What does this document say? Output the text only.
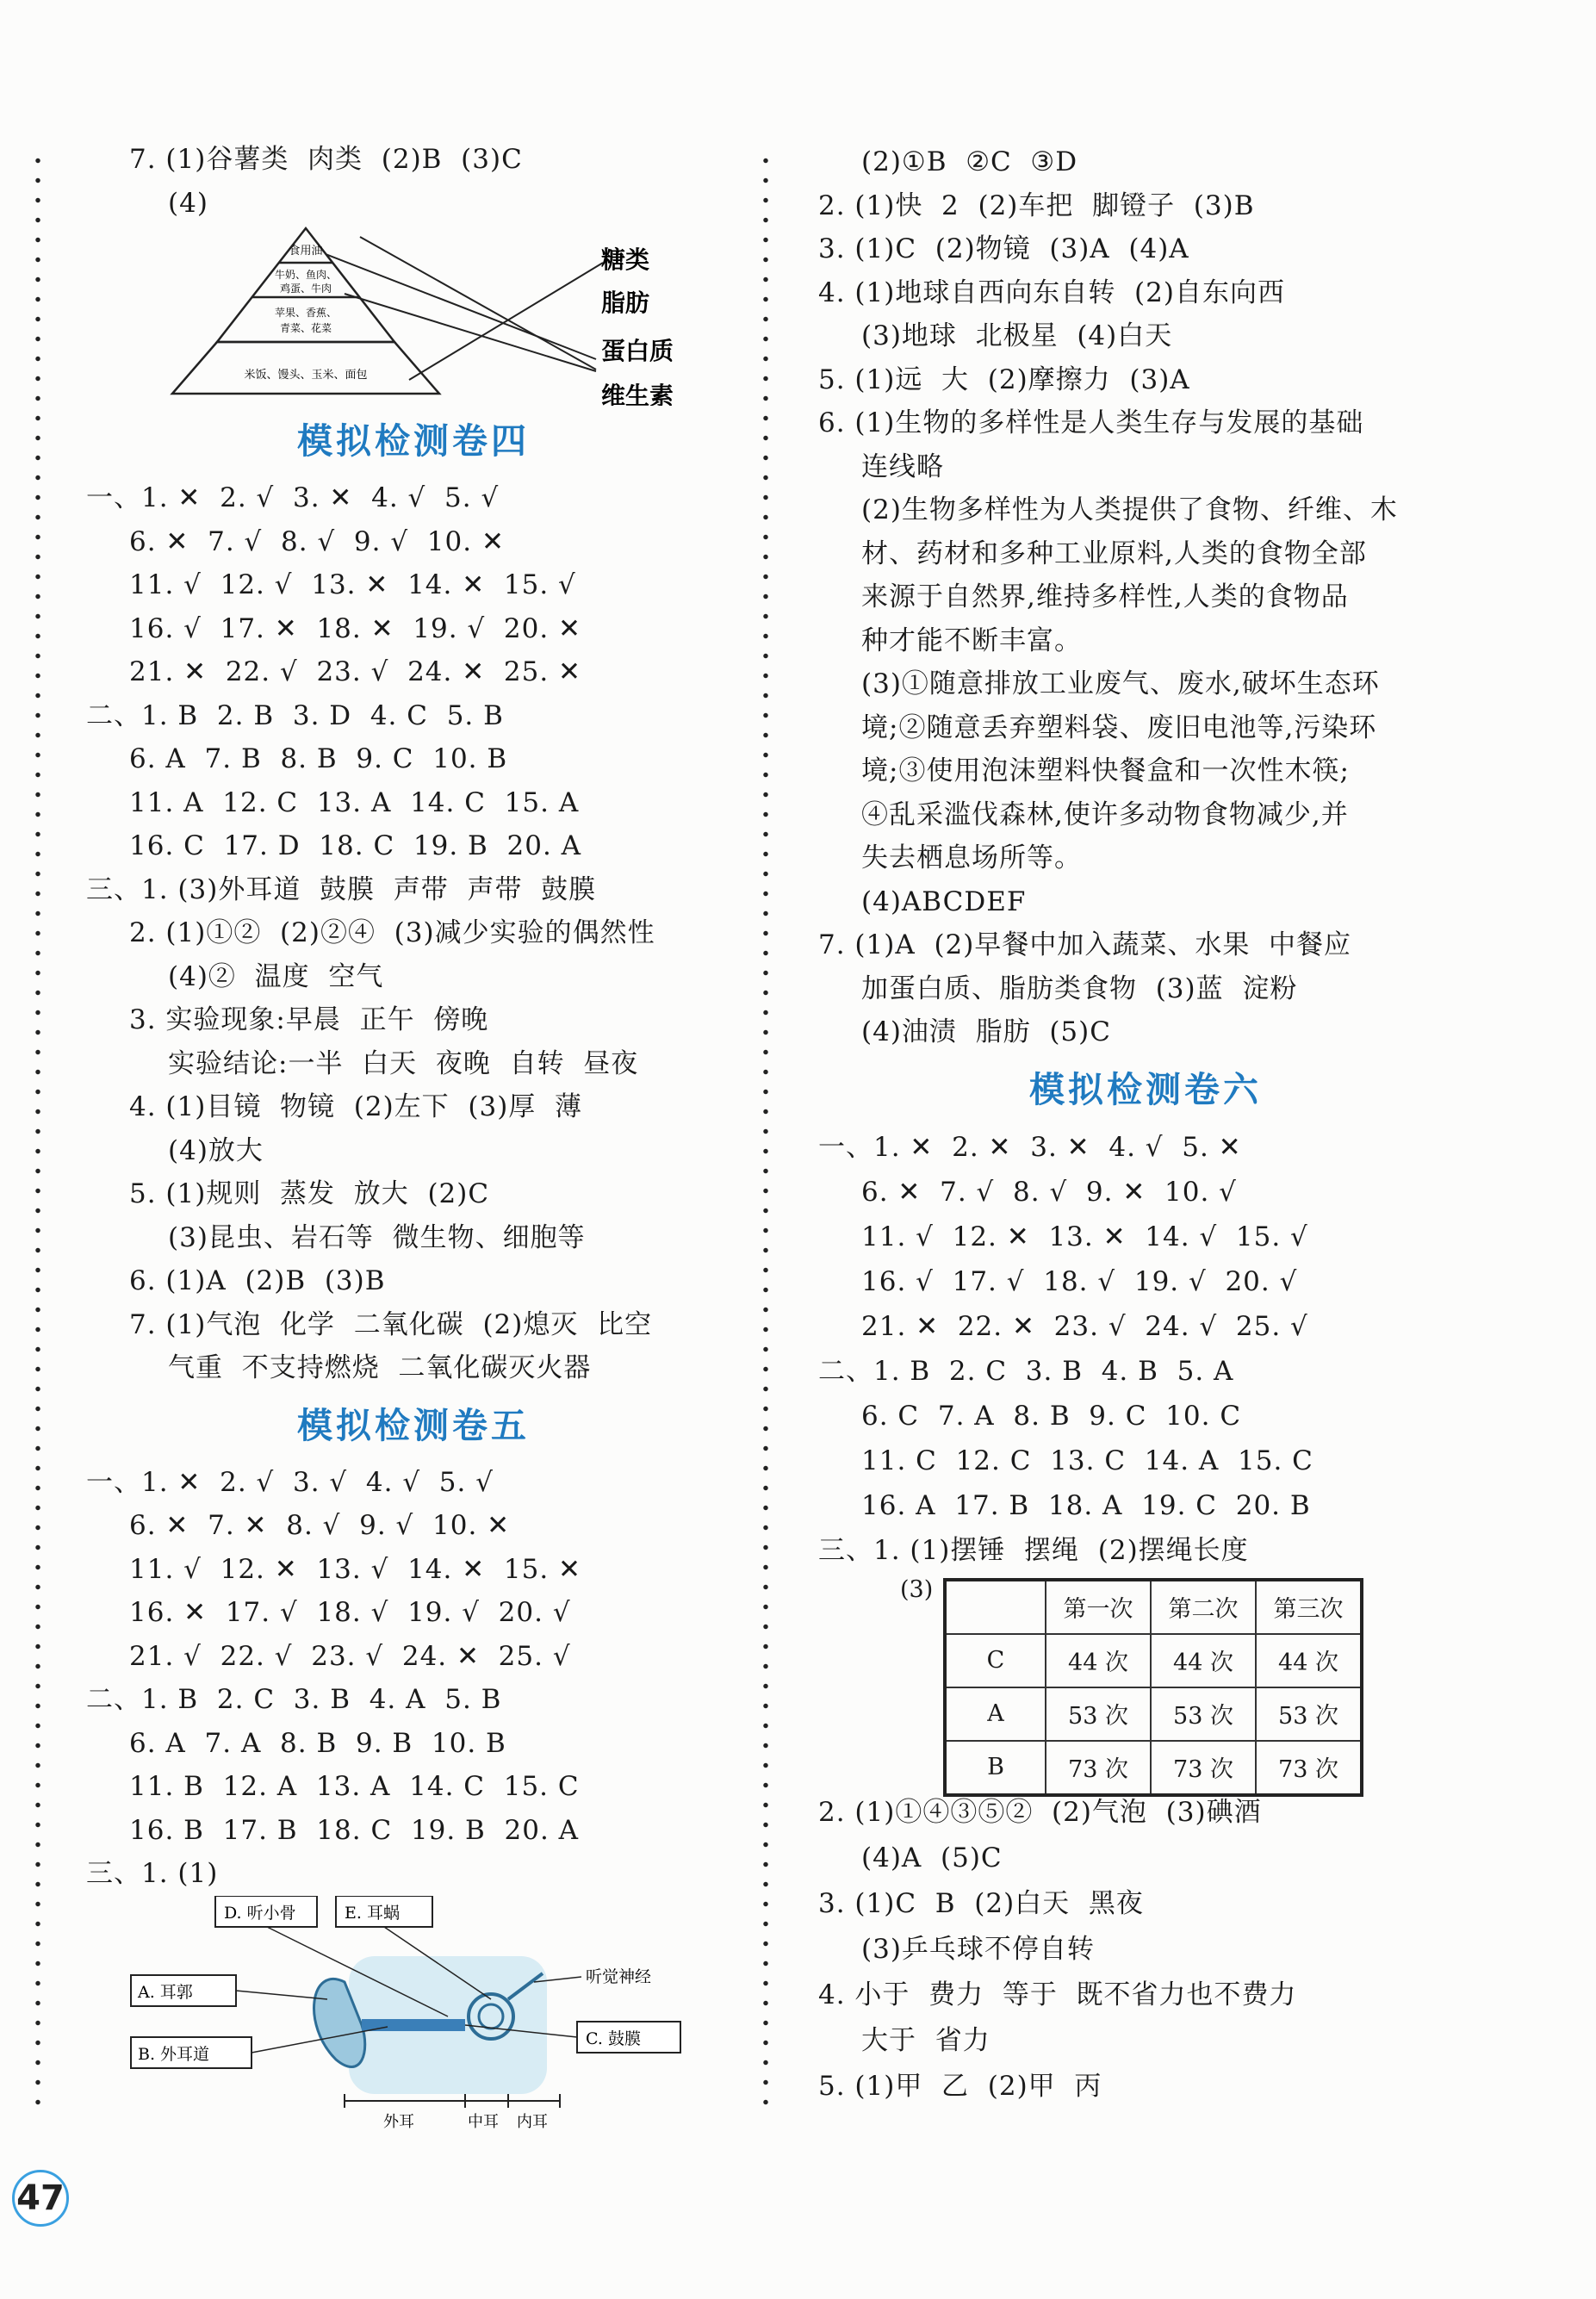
7. (1)谷薯类  肉类  (2)B  (3)C
(4)
食用油
牛奶、鱼肉、
鸡蛋、牛肉
苹果、香蕉、
青菜、花菜
米饭、馒头、玉米、面包
糖类
脂肪
蛋白质
维生素
模拟检测卷四
一、1. ✕  2. √  3. ✕  4. √  5. √
6. ✕  7. √  8. √  9. √  10. ✕
11. √  12. √  13. ✕  14. ✕  15. √
16. √  17. ✕  18. ✕  19. √  20. ✕
21. ✕  22. √  23. √  24. ✕  25. ✕
二、1. B  2. B  3. D  4. C  5. B
6. A  7. B  8. B  9. C  10. B
11. A  12. C  13. A  14. C  15. A
16. C  17. D  18. C  19. B  20. A
三、1. (3)外耳道  鼓膜  声带  声带  鼓膜
2. (1)①②  (2)②④  (3)减少实验的偶然性
(4)②  温度  空气
3. 实验现象:早晨  正午  傍晚
实验结论:一半  白天  夜晚  自转  昼夜
4. (1)目镜  物镜  (2)左下  (3)厚  薄
(4)放大
5. (1)规则  蒸发  放大  (2)C
(3)昆虫、岩石等  微生物、细胞等
6. (1)A  (2)B  (3)B
7. (1)气泡  化学  二氧化碳  (2)熄灭  比空
气重  不支持燃烧  二氧化碳灭火器
模拟检测卷五
一、1. ✕  2. √  3. √  4. √  5. √
6. ✕  7. ✕  8. √  9. √  10. ✕
11. √  12. ✕  13. √  14. ✕  15. ✕
16. ✕  17. √  18. √  19. √  20. √
21. √  22. √  23. √  24. ✕  25. √
二、1. B  2. C  3. B  4. A  5. B
6. A  7. A  8. B  9. B  10. B
11. B  12. A  13. A  14. C  15. C
16. B  17. B  18. C  19. B  20. A
三、1. (1)
D. 听小骨	E. 耳蜗
A. 耳郭
B. 外耳道
C. 鼓膜
听觉神经
外耳	中耳 内耳
(2)①B  ②C  ③D
2. (1)快  2  (2)车把  脚镫子  (3)B
3. (1)C  (2)物镜  (3)A  (4)A
4. (1)地球自西向东自转  (2)自东向西
(3)地球  北极星  (4)白天
5. (1)远  大  (2)摩擦力  (3)A
6. (1)生物的多样性是人类生存与发展的基础
连线略
(2)生物多样性为人类提供了食物、纤维、木
材、药材和多种工业原料,人类的食物全部
来源于自然界,维持多样性,人类的食物品
种才能不断丰富。
(3)①随意排放工业废气、废水,破坏生态环
境;②随意丢弃塑料袋、废旧电池等,污染环
境;③使用泡沫塑料快餐盒和一次性木筷;
④乱采滥伐森林,使许多动物食物减少,并
失去栖息场所等。
(4)ABCDEF
7. (1)A  (2)早餐中加入蔬菜、水果  中餐应
加蛋白质、脂肪类食物  (3)蓝  淀粉
(4)油渍  脂肪  (5)C
模拟检测卷六
一、1. ✕  2. ✕  3. ✕  4. √  5. ✕
6. ✕  7. √  8. √  9. ✕  10. √
11. √  12. ✕  13. ✕  14. √  15. √
16. √  17. √  18. √  19. √  20. √
21. ✕  22. ✕  23. √  24. √  25. √
二、1. B  2. C  3. B  4. B  5. A
6. C  7. A  8. B  9. C  10. C
11. C  12. C  13. C  14. A  15. C
16. A  17. B  18. A  19. C  20. B
三、1. (1)摆锤  摆绳  (2)摆绳长度
(3)
	第一次	第二次	第三次
C	44 次	44 次	44 次
A	53 次	53 次	53 次
B	73 次	73 次	73 次
2. (1)①④③⑤②  (2)气泡  (3)碘酒
(4)A  (5)C
3. (1)C  B  (2)白天  黑夜
(3)乒乓球不停自转
4. 小于  费力  等于  既不省力也不费力
大于  省力
5. (1)甲  乙  (2)甲  丙
47
